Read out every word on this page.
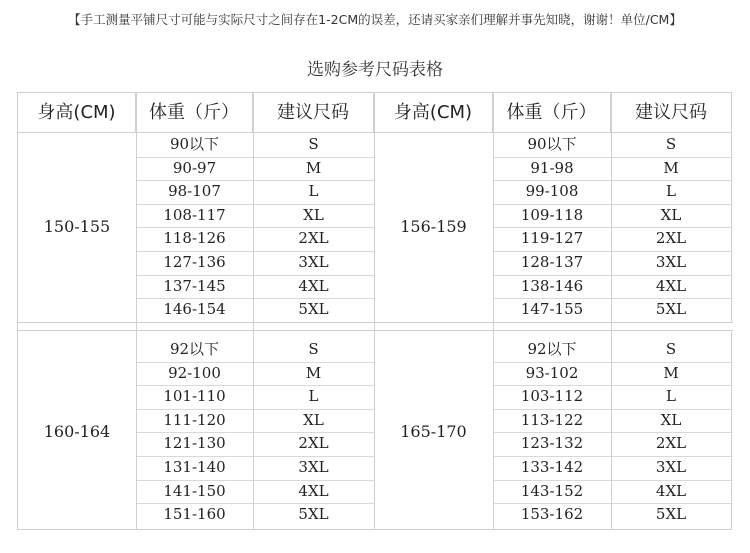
【手工测量平铺尺寸可能与实际尺寸之间存在1-2CM的误差，还请买家亲们理解并事先知晓，谢谢！单位/CM】
选购参考尺码表格
身高(CM)	体重（斤）	建议尺码	身高(CM)	体重（斤）	建议尺码
150-155
90以下	S
90-97	M
98-107	L
108-117	XL
118-126	2XL
127-136	3XL
137-145	4XL
146-154	5XL
156-159
90以下	S
91-98	M
99-108	L
109-118	XL
119-127	2XL
128-137	3XL
138-146	4XL
147-155	5XL
160-164
92以下	S
92-100	M
101-110	L
111-120	XL
121-130	2XL
131-140	3XL
141-150	4XL
151-160	5XL
165-170
92以下	S
93-102	M
103-112	L
113-122	XL
123-132	2XL
133-142	3XL
143-152	4XL
153-162	5XL
